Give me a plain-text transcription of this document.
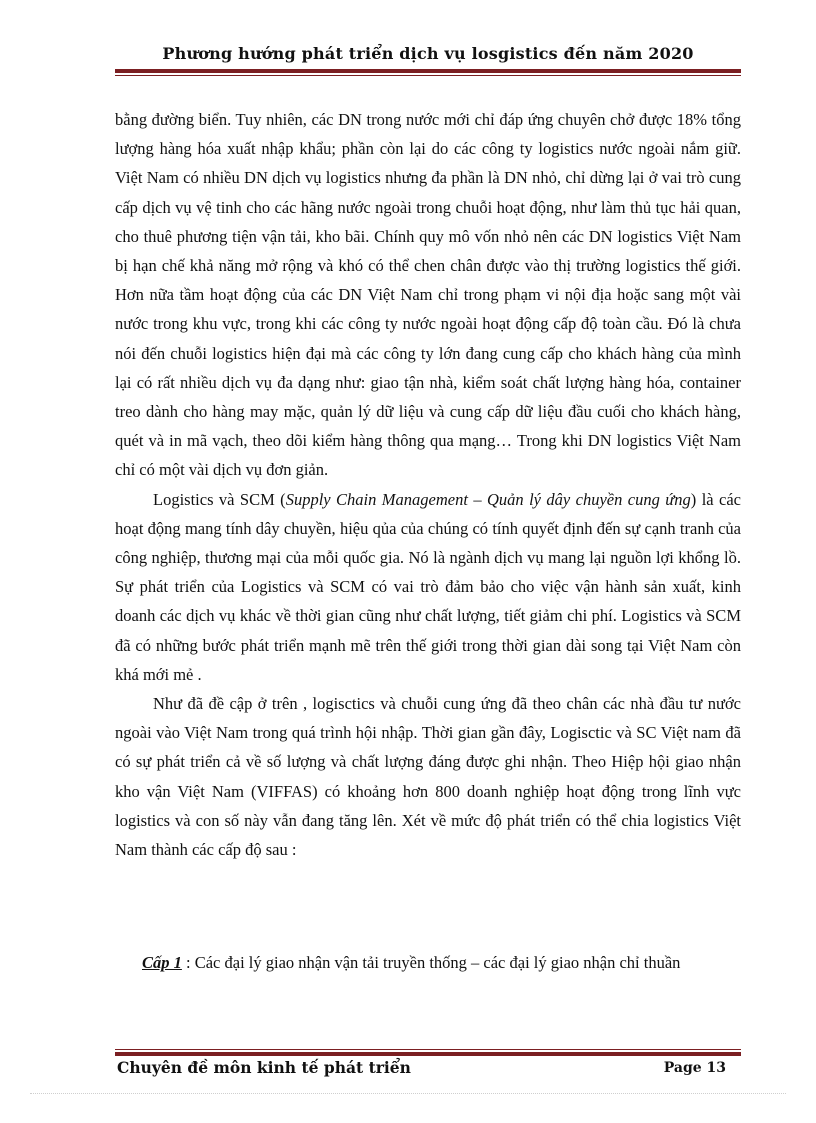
Phương hướng phát triển dịch vụ losgistics đến năm 2020

bằng đường biển. Tuy nhiên, các DN trong nước mới chỉ đáp ứng chuyên chở được 18% tổng lượng hàng hóa xuất nhập khẩu; phần còn lại do các công ty logistics nước ngoài nắm giữ. Việt Nam có nhiều DN dịch vụ logistics nhưng đa phần là DN nhỏ, chỉ dừng lại ở vai trò cung cấp dịch vụ vệ tinh cho các hãng nước ngoài trong chuỗi hoạt động, như làm thủ tục hải quan, cho thuê phương tiện vận tải, kho bãi. Chính quy mô vốn nhỏ nên các DN logistics Việt Nam bị hạn chế khả năng mở rộng và khó có thể chen chân được vào thị trường logistics thế giới. Hơn nữa tầm hoạt động của các DN Việt Nam chỉ trong phạm vi nội địa hoặc sang một vài nước trong khu vực, trong khi các công ty nước ngoài hoạt động cấp độ toàn cầu. Đó là chưa nói đến chuỗi logistics hiện đại mà các công ty lớn đang cung cấp cho khách hàng của mình lại có rất nhiều dịch vụ đa dạng như: giao tận nhà, kiểm soát chất lượng hàng hóa, container treo dành cho hàng may mặc, quản lý dữ liệu và cung cấp dữ liệu đầu cuối cho khách hàng, quét và in mã vạch, theo dõi kiểm hàng thông qua mạng… Trong khi DN logistics Việt Nam chỉ có một vài dịch vụ đơn giản.

Logistics và SCM (Supply Chain Management – Quản lý dây chuyền cung ứng) là các hoạt động mang tính dây chuyền, hiệu qủa của chúng có tính quyết định đến sự cạnh tranh của công nghiệp, thương mại của mỗi quốc gia. Nó là ngành dịch vụ mang lại nguồn lợi khổng lồ. Sự phát triển của Logistics và SCM có vai trò đảm bảo cho việc vận hành sản xuất, kinh doanh các dịch vụ khác về thời gian cũng như chất lượng, tiết giảm chi phí. Logistics và SCM đã có những bước phát triển mạnh mẽ trên thế giới trong thời gian dài song tại Việt Nam còn khá mới mẻ .

Như đã đề cập ở trên , logisctics và chuỗi cung ứng đã theo chân các nhà đầu tư nước ngoài vào Việt Nam trong quá trình hội nhập. Thời gian gần đây, Logisctic và SC Việt nam đã có sự phát triển cả về số lượng và chất lượng đáng được ghi nhận. Theo Hiệp hội giao nhận kho vận Việt Nam (VIFFAS) có khoảng hơn 800 doanh nghiệp hoạt động trong lĩnh vực logistics và con số này vẫn đang tăng lên. Xét về mức độ phát triển có thể chia logistics Việt Nam thành các cấp độ sau :

Cấp 1 : Các đại lý giao nhận vận tải truyền thống – các đại lý giao nhận chỉ thuần
Chuyên đề môn kinh tế phát triển	Page 13
